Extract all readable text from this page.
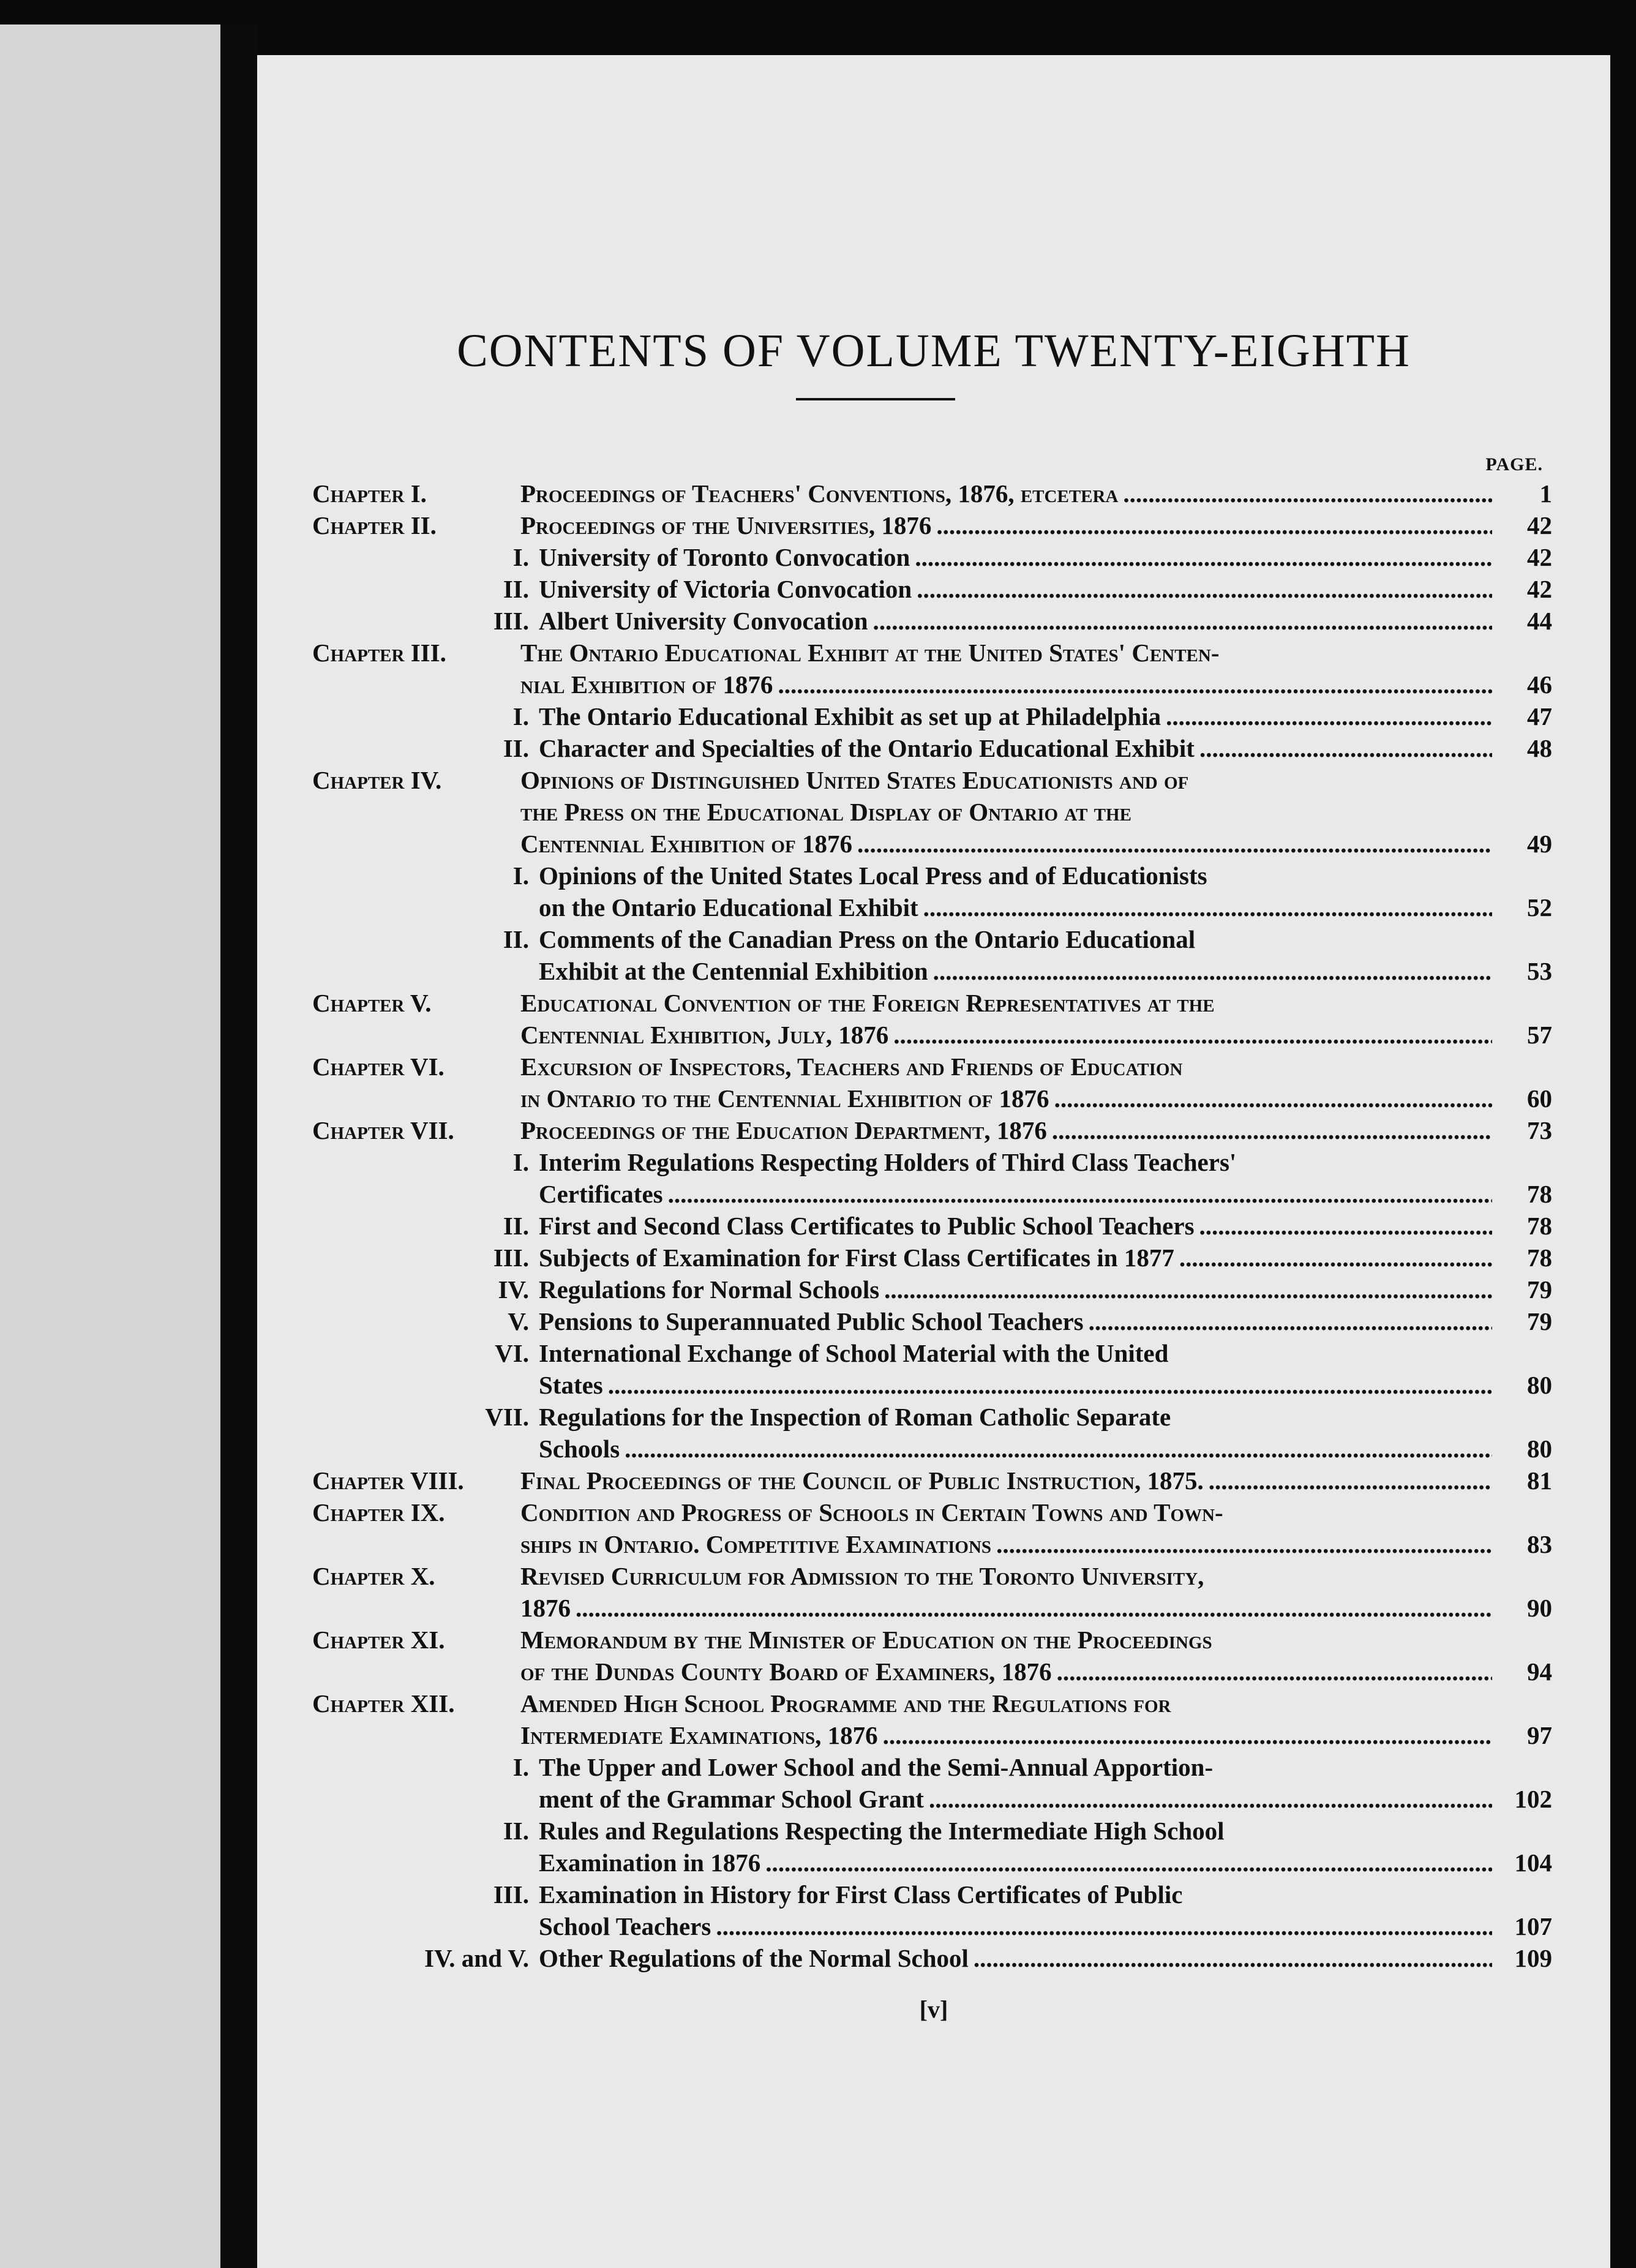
CONTENTS OF VOLUME TWENTY-EIGHTH
PAGE.
Chapter I.	Proceedings of Teachers' Conventions, 1876, etcetera .....	1
Chapter II.	Proceedings of the Universities, 1876 .....	42
I. University of Toronto Convocation .....	42
II. University of Victoria Convocation .....	42
III. Albert University Convocation .....	44
Chapter III.	The Ontario Educational Exhibit at the United States' Centen-
nial Exhibition of 1876 .....	46
I. The Ontario Educational Exhibit as set up at Philadelphia .....	47
II. Character and Specialties of the Ontario Educational Exhibit .....	48
Chapter IV.	Opinions of Distinguished United States Educationists and of
the Press on the Educational Display of Ontario at the
Centennial Exhibition of 1876 .....	49
I. Opinions of the United States Local Press and of Educationists
on the Ontario Educational Exhibit .....	52
II. Comments of the Canadian Press on the Ontario Educational
Exhibit at the Centennial Exhibition .....	53
Chapter V.	Educational Convention of the Foreign Representatives at the
Centennial Exhibition, July, 1876 .....	57
Chapter VI.	Excursion of Inspectors, Teachers and Friends of Education
in Ontario to the Centennial Exhibition of 1876 .....	60
Chapter VII.	Proceedings of the Education Department, 1876 .....	73
I. Interim Regulations Respecting Holders of Third Class Teachers'
Certificates .....	78
II. First and Second Class Certificates to Public School Teachers .....	78
III. Subjects of Examination for First Class Certificates in 1877 .....	78
IV. Regulations for Normal Schools .....	79
V. Pensions to Superannuated Public School Teachers .....	79
VI. International Exchange of School Material with the United
States .....	80
VII. Regulations for the Inspection of Roman Catholic Separate
Schools .....	80
Chapter VIII.	Final Proceedings of the Council of Public Instruction, 1875. .....	81
Chapter IX.	Condition and Progress of Schools in Certain Towns and Town-
ships in Ontario. Competitive Examinations .....	83
Chapter X.	Revised Curriculum for Admission to the Toronto University,
1876 .....	90
Chapter XI.	Memorandum by the Minister of Education on the Proceedings
of the Dundas County Board of Examiners, 1876 .....	94
Chapter XII.	Amended High School Programme and the Regulations for
Intermediate Examinations, 1876 .....	97
I. The Upper and Lower School and the Semi-Annual Apportion-
ment of the Grammar School Grant .....	102
II. Rules and Regulations Respecting the Intermediate High School
Examination in 1876 .....	104
III. Examination in History for First Class Certificates of Public
School Teachers .....	107
IV. and V. Other Regulations of the Normal School .....	109
[v]
